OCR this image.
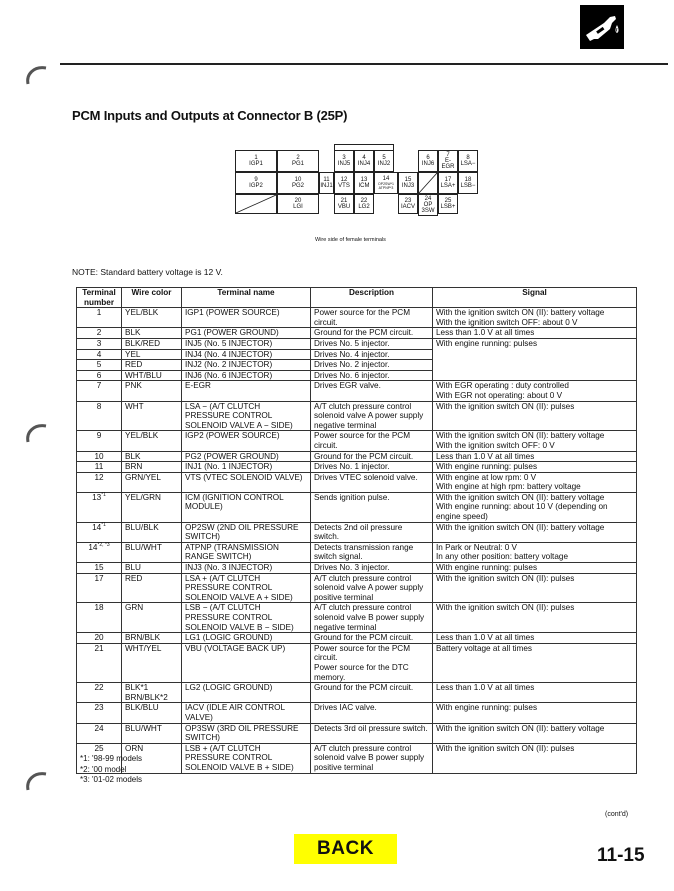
PCM Inputs and Outputs at Connector B (25P)
1
IGP1
2
PG1
3
INJ5
4
INJ4
5
INJ2
6
INJ6
7
E-EGR
8
LSA−
9
IGP2
10
PG2
11
INJ1
12
VTS
13
ICM
14
OP2SW*1 ATPNP*3
15
INJ3
17
LSA+
18
LSB−
20
LGI
21
VBU
22
LG2
23
IACV
24
OP 3SW
25
LSB+
Wire side of female terminals
NOTE: Standard battery voltage is 12 V.
Terminal number	Wire color	Terminal name	Description	Signal
1	YEL/BLK	IGP1 (POWER SOURCE)	Power source for the PCM circuit.	With the ignition switch ON (II): battery voltage
With the ignition switch OFF: about 0 V
2	BLK	PG1 (POWER GROUND)	Ground for the PCM circuit.	Less than 1.0 V at all times
3	BLK/RED	INJ5 (No. 5 INJECTOR)	Drives No. 5 injector.	With engine running: pulses
4	YEL	INJ4 (No. 4 INJECTOR)	Drives No. 4 injector.	
5	RED	INJ2 (No. 2 INJECTOR)	Drives No. 2 injector.	
6	WHT/BLU	INJ6 (No. 6 INJECTOR)	Drives No. 6 injector.	
7	PNK	E-EGR	Drives EGR valve.	With EGR operating : duty controlled
With EGR not operating: about 0 V
8	WHT	LSA − (A/T CLUTCH PRESSURE CONTROL SOLENOID VALVE A − SIDE)	A/T clutch pressure control solenoid valve A power supply negative terminal	With the ignition switch ON (II): pulses
9	YEL/BLK	IGP2 (POWER SOURCE)	Power source for the PCM circuit.	With the ignition switch ON (II): battery voltage
With the ignition switch OFF: 0 V
10	BLK	PG2 (POWER GROUND)	Ground for the PCM circuit.	Less than 1.0 V at all times
11	BRN	INJ1 (No. 1 INJECTOR)	Drives No. 1 injector.	With engine running: pulses
12	GRN/YEL	VTS (VTEC SOLENOID VALVE)	Drives VTEC solenoid valve.	With engine at low rpm: 0 V
With engine at high rpm: battery voltage
13$^{*1}$	YEL/GRN	ICM (IGNITION CONTROL MODULE)	Sends ignition pulse.	With the ignition switch ON (II): battery voltage
With engine running: about 10 V (depending on engine speed)
14$^{*1}$	BLU/BLK	OP2SW (2ND OIL PRESSURE SWITCH)	Detects 2nd oil pressure switch.	With the ignition switch ON (II): battery voltage
$14^{*2, *3}$	BLU/WHT	ATPNP (TRANSMISSION RANGE SWITCH)	Detects transmission range switch signal.	In Park or Neutral: 0 V
In any other position: battery voltage
15	BLU	INJ3 (No. 3 INJECTOR)	Drives No. 3 injector.	With engine running: pulses
17	RED	LSA + (A/T CLUTCH PRESSURE CONTROL SOLENOID VALVE A + SIDE)	A/T clutch pressure control solenoid valve A power supply positive terminal	With the ignition switch ON (II): pulses
18	GRN	LSB − (A/T CLUTCH PRESSURE CONTROL SOLENOID VALVE B − SIDE)	A/T clutch pressure control solenoid valve B power supply negative terminal	With the ignition switch ON (II): pulses
20	BRN/BLK	LG1 (LOGIC GROUND)	Ground for the PCM circuit.	Less than 1.0 V at all times
21	WHT/YEL	VBU (VOLTAGE BACK UP)	Power source for the PCM circuit.
Power source for the DTC memory.	Battery voltage at all times
22	BLK*1
BRN/BLK*2	LG2 (LOGIC GROUND)	Ground for the PCM circuit.	Less than 1.0 V at all times
23	BLK/BLU	IACV (IDLE AIR CONTROL VALVE)	Drives IAC valve.	With engine running: pulses
24	BLU/WHT	OP3SW (3RD OIL PRESSURE SWITCH)	Detects 3rd oil pressure switch.	With the ignition switch ON (II): battery voltage
25	ORN	LSB + (A/T CLUTCH PRESSURE CONTROL SOLENOID VALVE B + SIDE)	A/T clutch pressure control solenoid valve B power supply positive terminal	With the ignition switch ON (II): pulses
*1: '98-99 models
*2: '00 model
*3: '01-02 models
(cont'd)
BACK	11-15
